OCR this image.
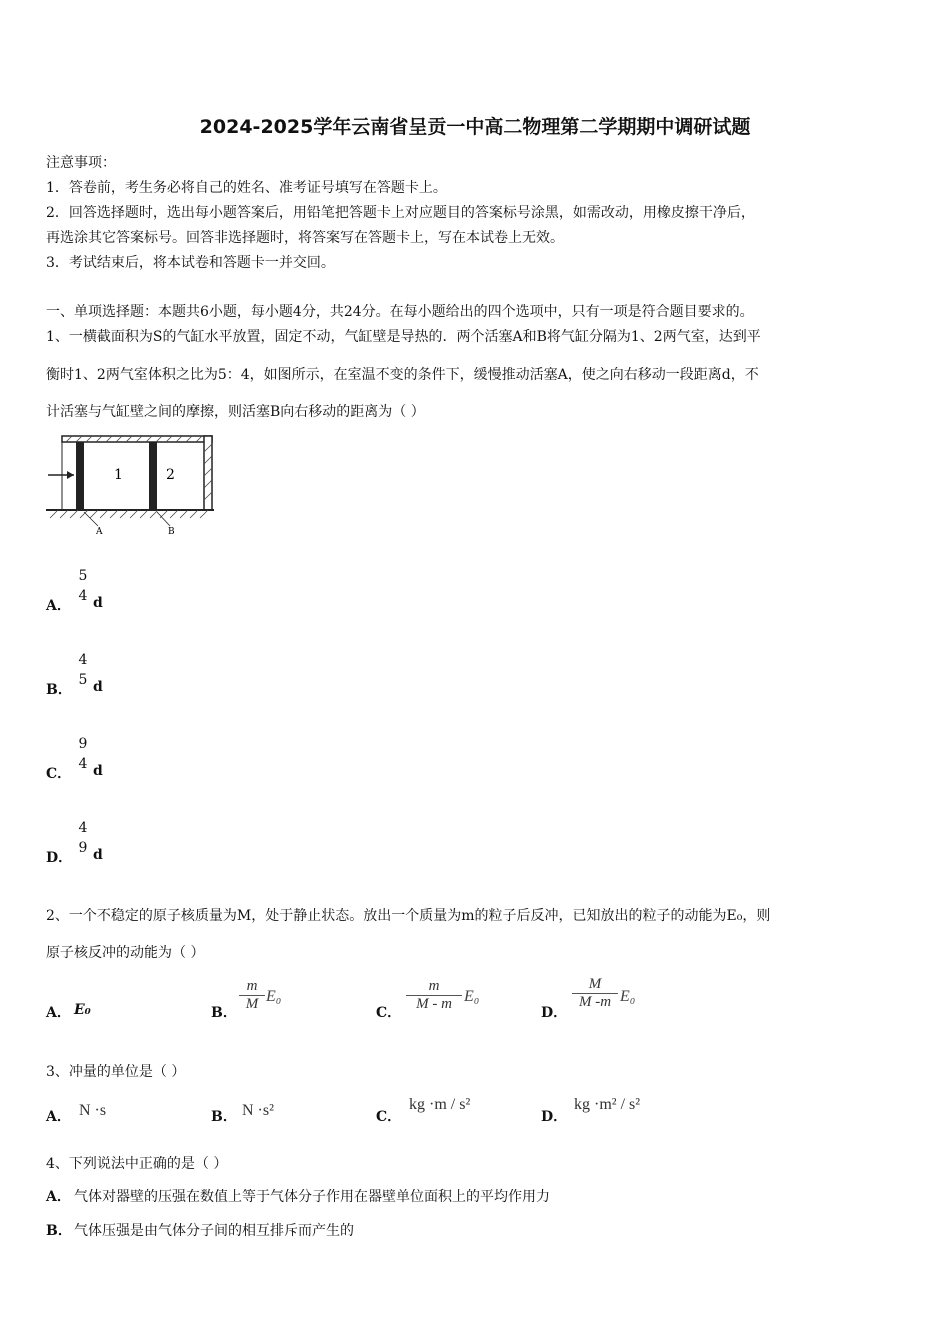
2024-2025学年云南省呈贡一中高二物理第二学期期中调研试题
注意事项：
1．答卷前，考生务必将自己的姓名、准考证号填写在答题卡上。
2．回答选择题时，选出每小题答案后，用铅笔把答题卡上对应题目的答案标号涂黑，如需改动，用橡皮擦干净后，
再选涂其它答案标号。回答非选择题时，将答案写在答题卡上，写在本试卷上无效。
3．考试结束后，将本试卷和答题卡一并交回。
一、单项选择题：本题共6小题，每小题4分，共24分。在每小题给出的四个选项中，只有一项是符合题目要求的。
1、一横截面积为S的气缸水平放置，固定不动，气缸壁是导热的．两个活塞A和B将气缸分隔为1、2两气室，达到平
衡时1、2两气室体积之比为5：4，如图所示，在室温不变的条件下，缓慢推动活塞A，使之向右移动一段距离d，不
计活塞与气缸壁之间的摩擦，则活塞B向右移动的距离为（ ）
1	2
A	B
A．
5
4 d
B．
4
5 d
C．
9
4 d
D．
4
9 d
2、一个不稳定的原子核质量为M，处于静止状态。放出一个质量为m的粒子后反冲，已知放出的粒子的动能为E₀，则
原子核反冲的动能为（ ）
A． E₀	B．
m
M E₀
C．
m
M - m E₀
D．
M
M -m E₀
3、冲量的单位是（ ）
A． N ·s	B． N ·s²	C．
kg ·m / s²
D．
kg ·m² / s²
4、下列说法中正确的是（ ）
A． 气体对器壁的压强在数值上等于气体分子作用在器壁单位面积上的平均作用力
B． 气体压强是由气体分子间的相互排斥而产生的
